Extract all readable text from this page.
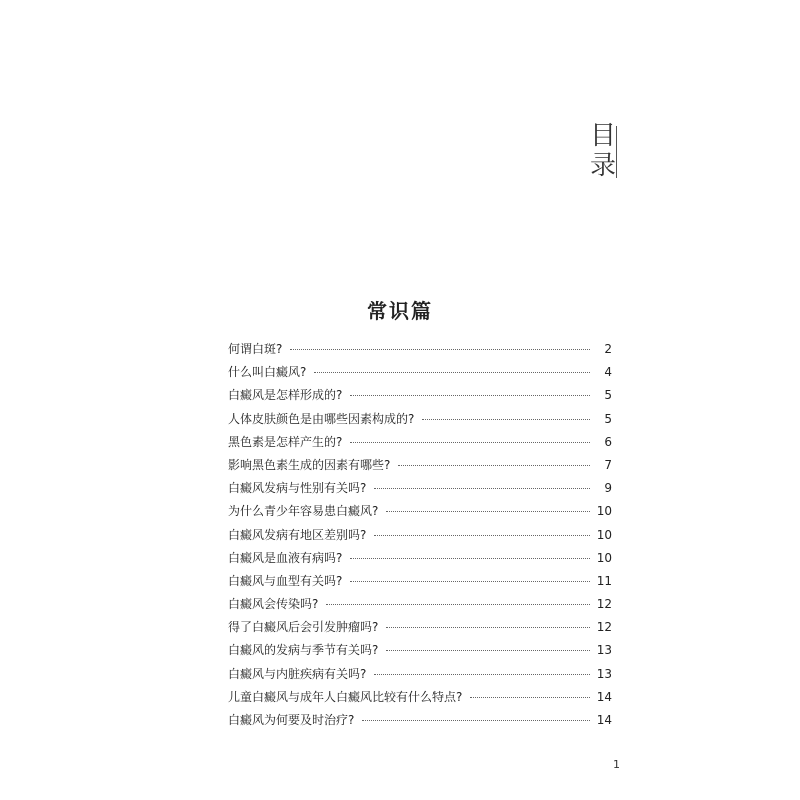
目
录
常识篇
何谓白斑?	2
什么叫白癜风?	4
白癜风是怎样形成的?	5
人体皮肤颜色是由哪些因素构成的?	5
黑色素是怎样产生的?	6
影响黑色素生成的因素有哪些?	7
白癜风发病与性别有关吗?	9
为什么青少年容易患白癜风?	10
白癜风发病有地区差别吗?	10
白癜风是血液有病吗?	10
白癜风与血型有关吗?	11
白癜风会传染吗?	12
得了白癜风后会引发肿瘤吗?	12
白癜风的发病与季节有关吗?	13
白癜风与内脏疾病有关吗?	13
儿童白癜风与成年人白癜风比较有什么特点?	14
白癜风为何要及时治疗?	14
1
